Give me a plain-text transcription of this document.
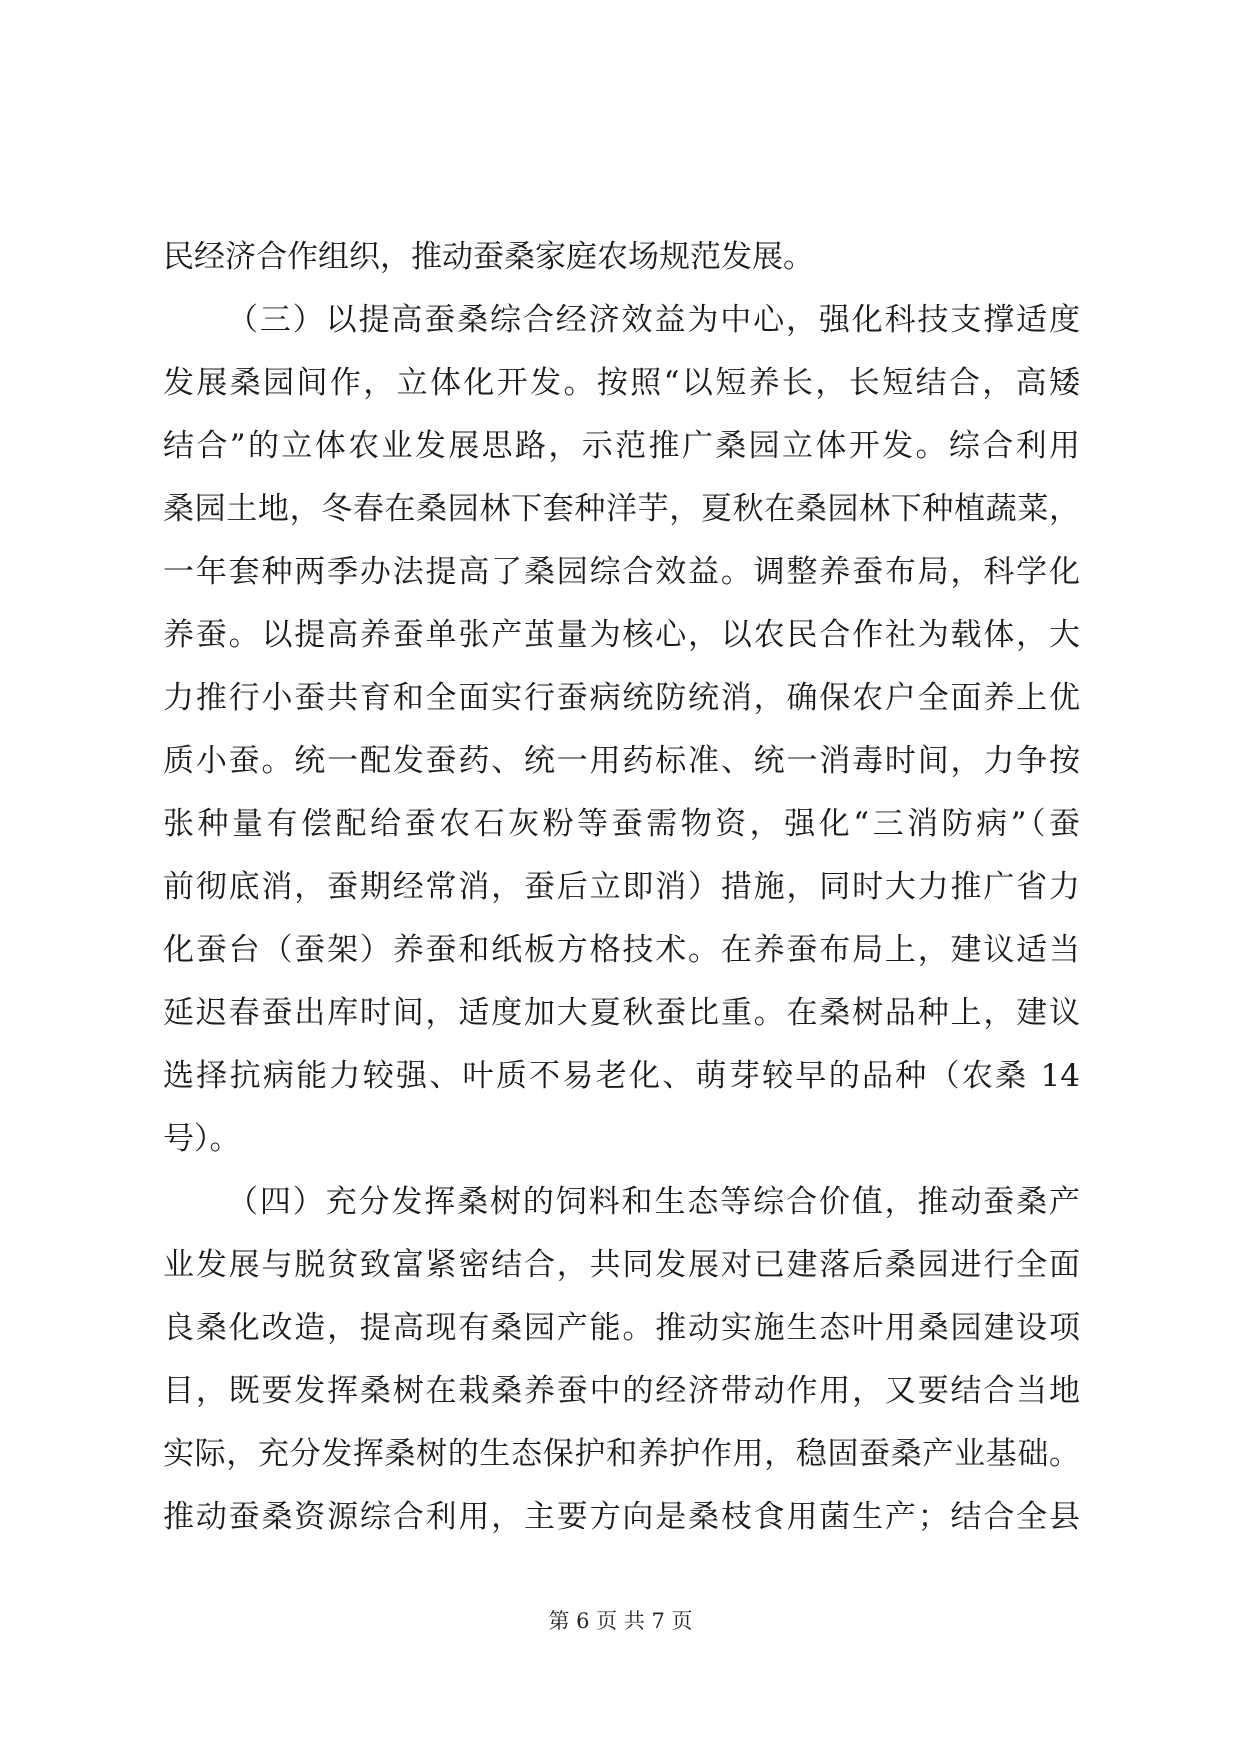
民经济合作组织，推动蚕桑家庭农场规范发展。
（三）以提高蚕桑综合经济效益为中心，强化科技支撑适度
发展桑园间作，立体化开发。按照“以短养长，长短结合，高矮
结合”的立体农业发展思路，示范推广桑园立体开发。综合利用
桑园土地，冬春在桑园林下套种洋芋，夏秋在桑园林下种植蔬菜，
一年套种两季办法提高了桑园综合效益。调整养蚕布局，科学化
养蚕。以提高养蚕单张产茧量为核心，以农民合作社为载体，大
力推行小蚕共育和全面实行蚕病统防统消，确保农户全面养上优
质小蚕。统一配发蚕药、统一用药标准、统一消毒时间，力争按
张种量有偿配给蚕农石灰粉等蚕需物资，强化“三消防病”（蚕
前彻底消，蚕期经常消，蚕后立即消）措施，同时大力推广省力
化蚕台（蚕架）养蚕和纸板方格技术。在养蚕布局上，建议适当
延迟春蚕出库时间，适度加大夏秋蚕比重。在桑树品种上，建议
选择抗病能力较强、叶质不易老化、萌芽较早的品种（农桑 14
号）。
（四）充分发挥桑树的饲料和生态等综合价值，推动蚕桑产
业发展与脱贫致富紧密结合，共同发展对已建落后桑园进行全面
良桑化改造，提高现有桑园产能。推动实施生态叶用桑园建设项
目，既要发挥桑树在栽桑养蚕中的经济带动作用，又要结合当地
实际，充分发挥桑树的生态保护和养护作用，稳固蚕桑产业基础。
推动蚕桑资源综合利用，主要方向是桑枝食用菌生产；结合全县
第 6 页 共 7 页
